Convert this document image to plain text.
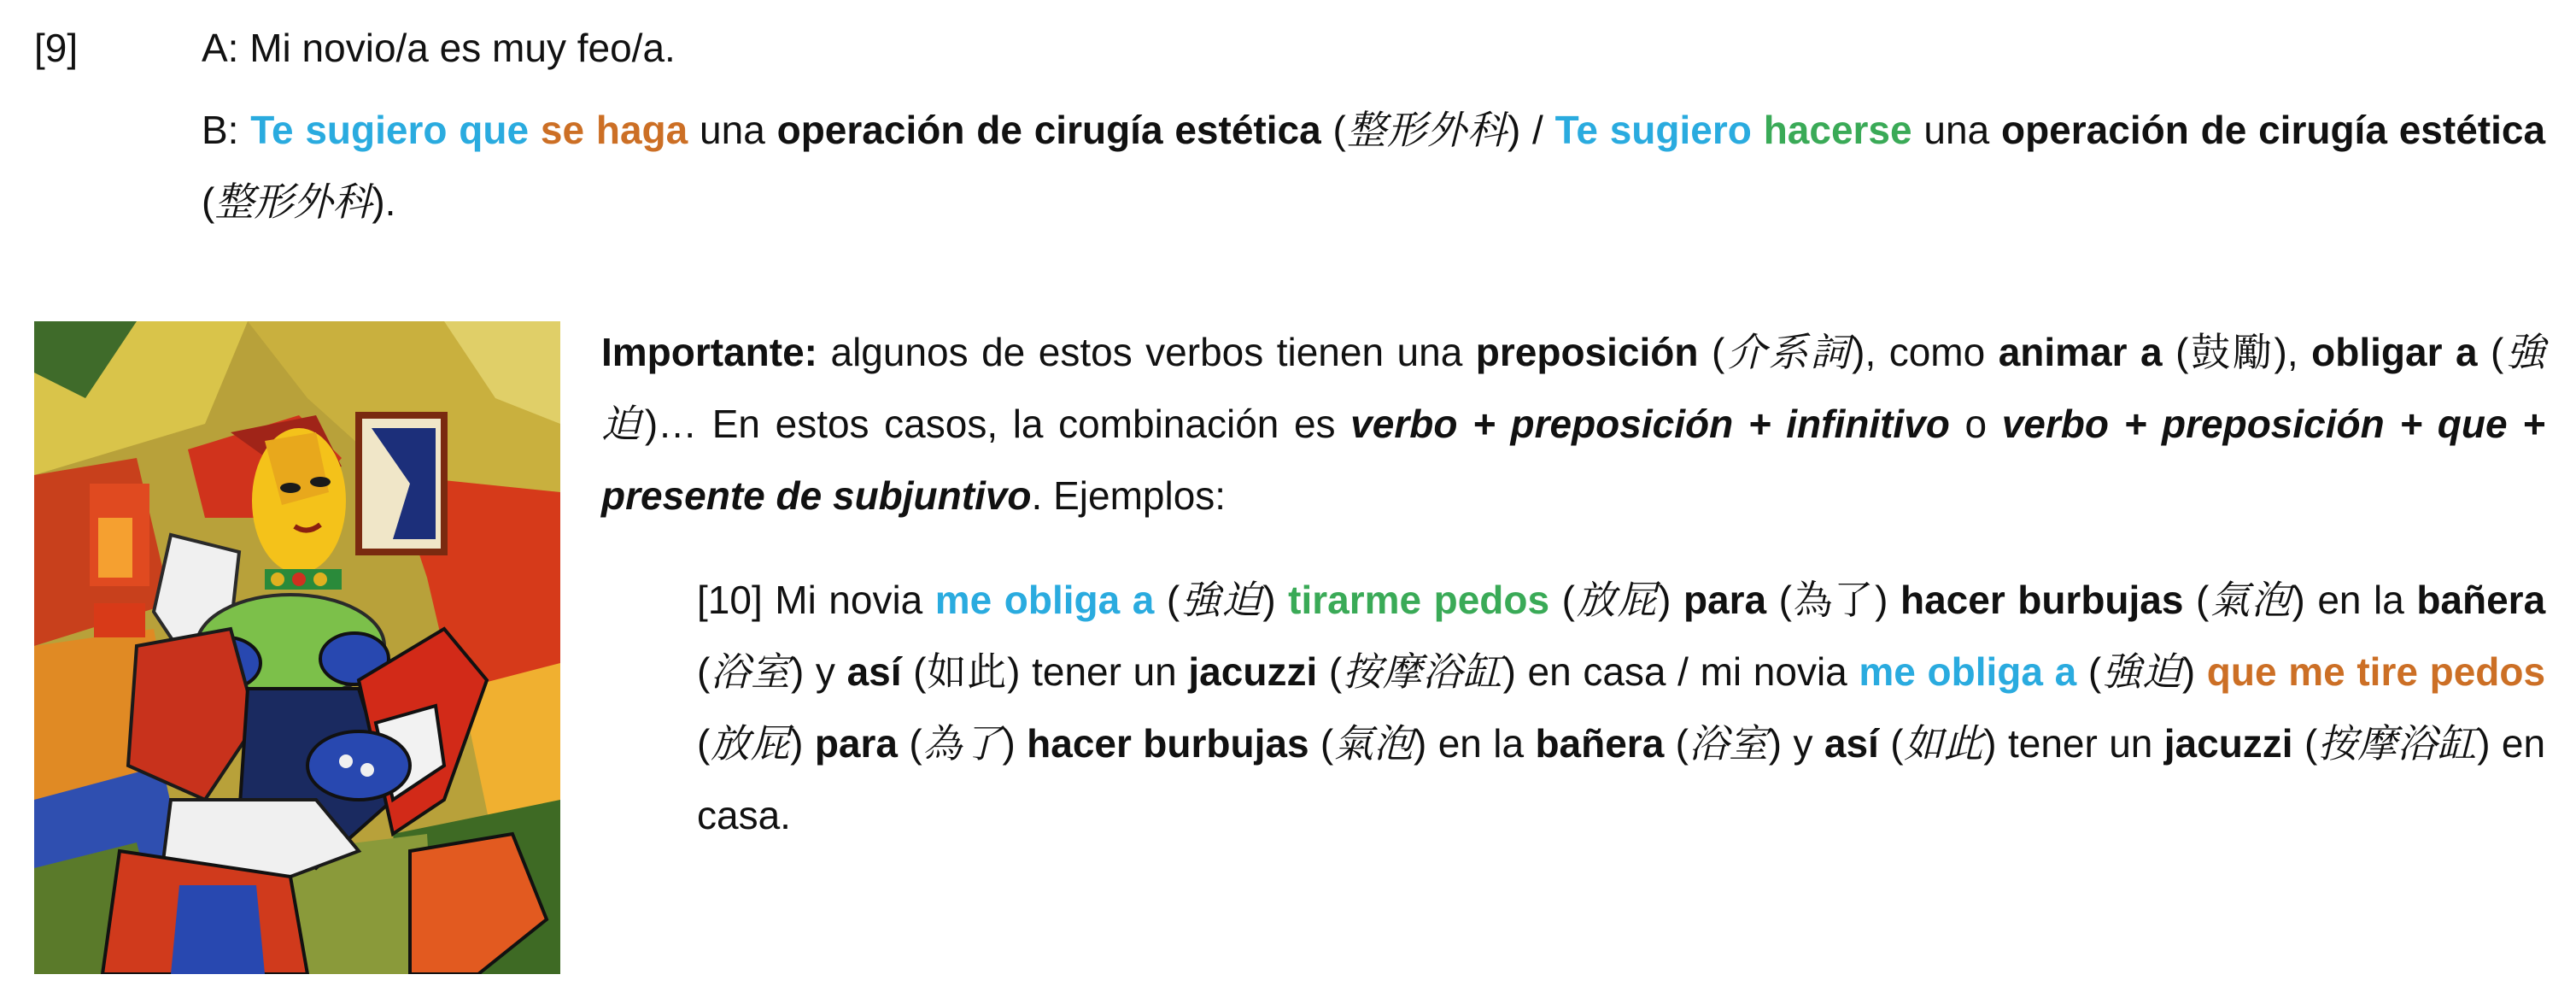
[9]	A: Mi novio/a es muy feo/a.

B: Te sugiero que se haga una operación de cirugía estética (整形外科) / Te sugiero hacerse una operación de cirugía estética (整形外科).

Importante: algunos de estos verbos tienen una preposición (介系詞), como animar a (鼓勵), obligar a (強迫)… En estos casos, la combinación es verbo + preposición + infinitivo o verbo + preposición + que + presente de subjuntivo. Ejemplos:

[10] Mi novia me obliga a (強迫) tirarme pedos (放屁) para (為了) hacer burbujas (氣泡) en la bañera (浴室) y así (如此) tener un jacuzzi (按摩浴缸) en casa / mi novia me obliga a (強迫) que me tire pedos (放屁) para (為了) hacer burbujas (氣泡) en la bañera (浴室) y así (如此) tener un jacuzzi (按摩浴缸) en casa.
